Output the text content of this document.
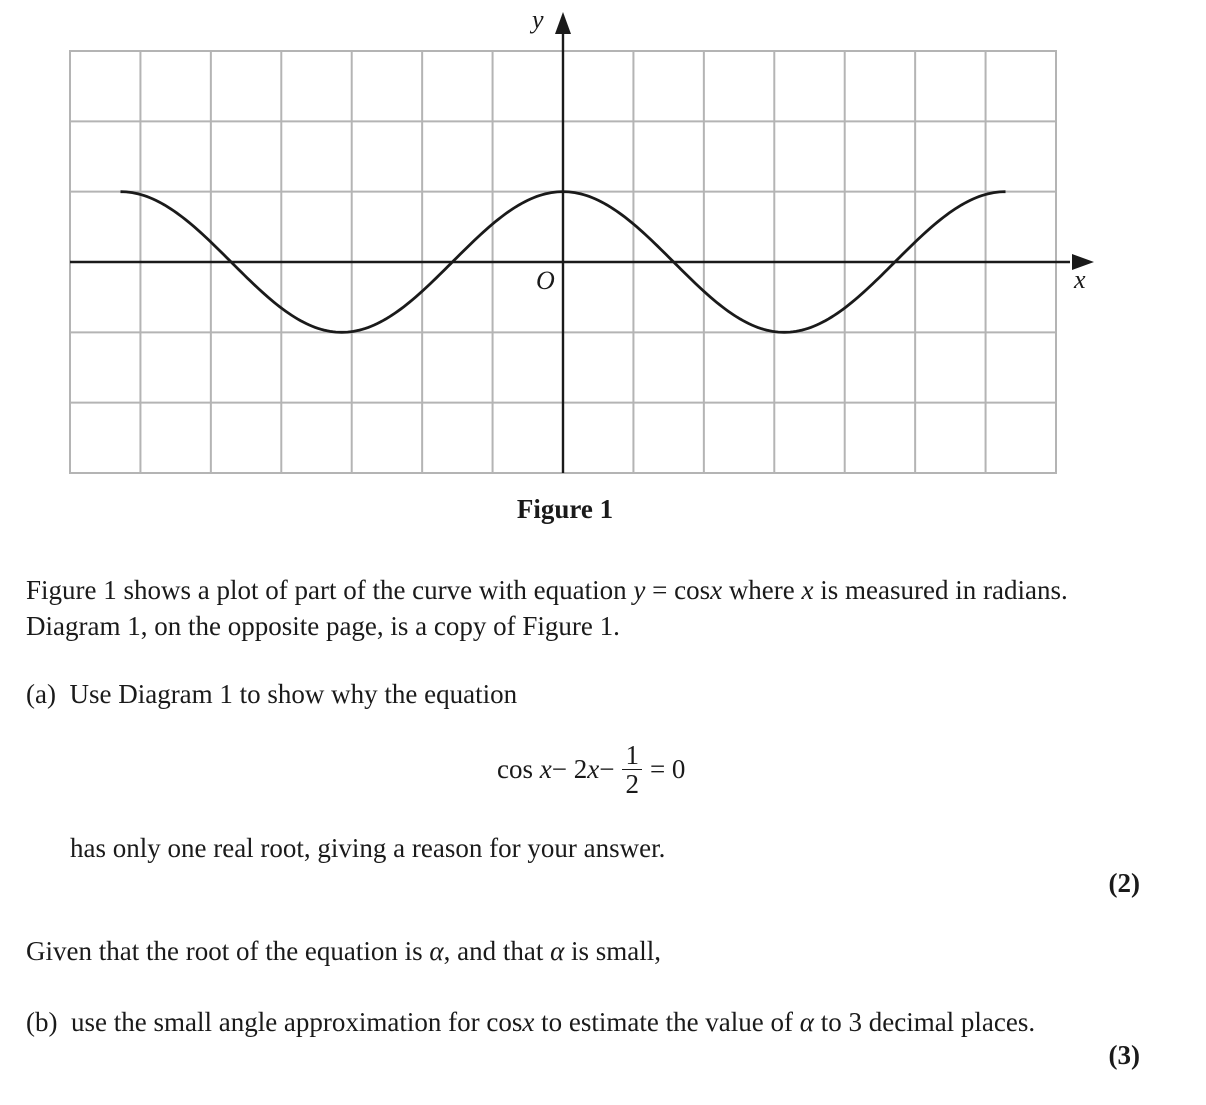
y
x
O
Figure 1
Figure 1 shows a plot of part of the curve with equation y = cosx where x is measured in radians.
Diagram 1, on the opposite page, is a copy of Figure 1.
(a) Use Diagram 1 to show why the equation
cos
x − 2 $x - \frac{1}{2} = 0$
has only one real root, giving a reason for your answer.
(2)
Given that the root of the equation is α, and that α is small,
(b) use the small angle approximation for cosx to estimate the value of α to 3 decimal places.
(3)
